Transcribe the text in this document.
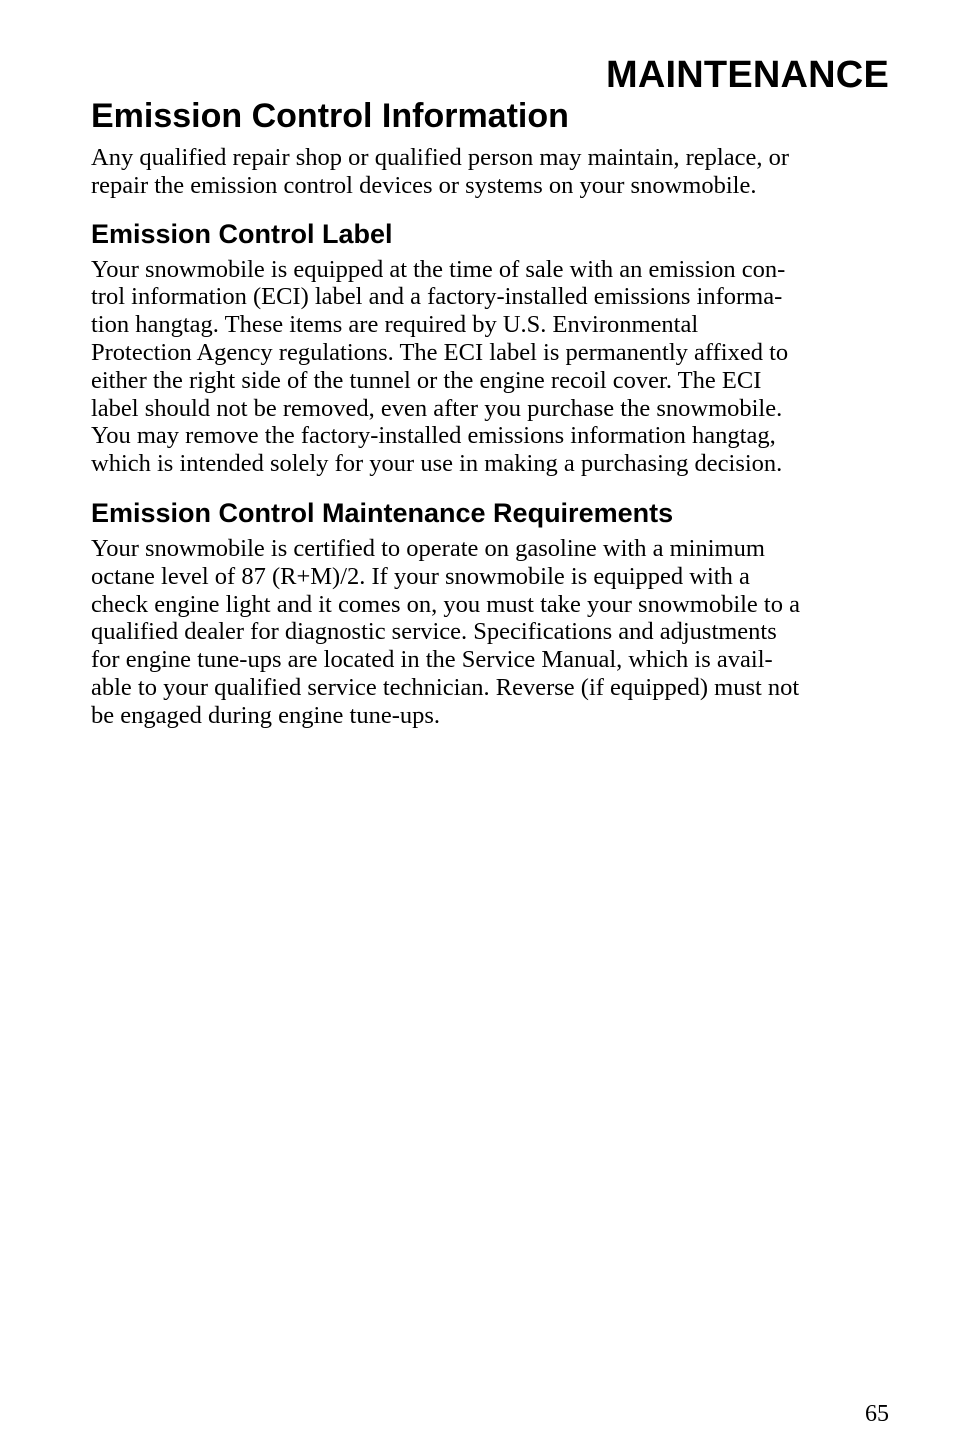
MAINTENANCE
Emission Control Information

Any qualified repair shop or qualified person may maintain, replace, or
repair the emission control devices or systems on your snowmobile.

Emission Control Label

Your snowmobile is equipped at the time of sale with an emission con-
trol information (ECI) label and a factory-installed emissions informa-
tion hangtag. These items are required by U.S. Environmental
Protection Agency regulations. The ECI label is permanently affixed to
either the right side of the tunnel or the engine recoil cover. The ECI
label should not be removed, even after you purchase the snowmobile.
You may remove the factory-installed emissions information hangtag,
which is intended solely for your use in making a purchasing decision.

Emission Control Maintenance Requirements

Your snowmobile is certified to operate on gasoline with a minimum
octane level of 87 (R+M)/2. If your snowmobile is equipped with a
check engine light and it comes on, you must take your snowmobile to a
qualified dealer for diagnostic service. Specifications and adjustments
for engine tune-ups are located in the Service Manual, which is avail-
able to your qualified service technician. Reverse (if equipped) must not
be engaged during engine tune-ups.

65
